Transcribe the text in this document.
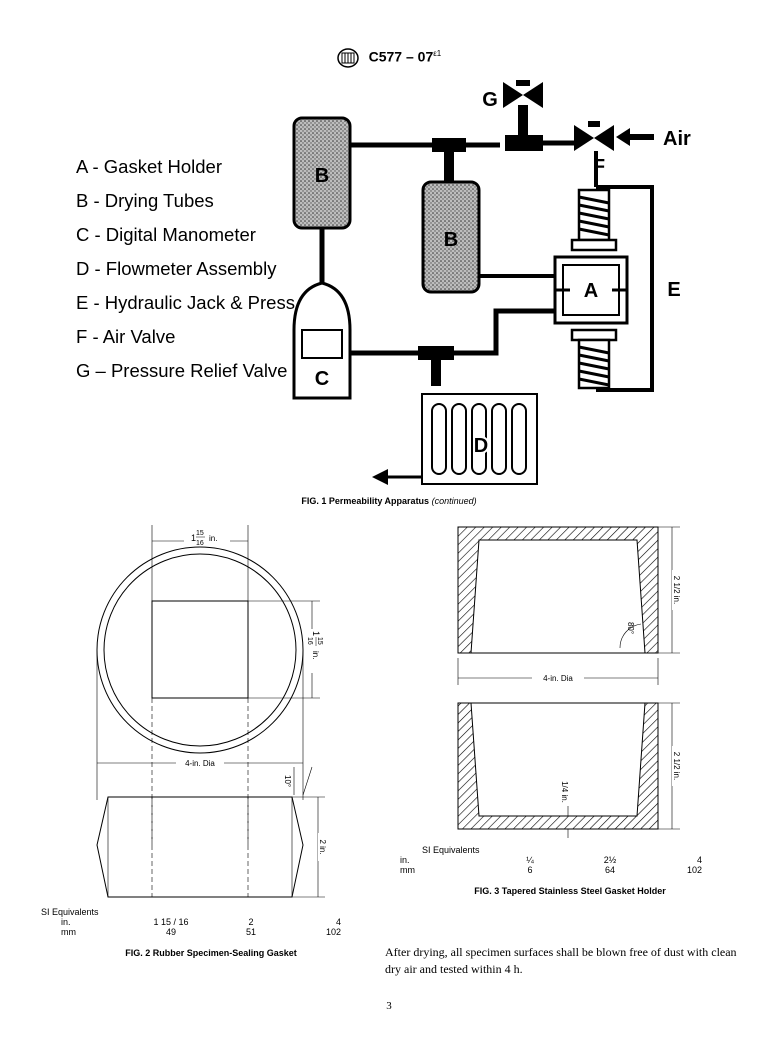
$C577 - 07^{\varepsilon 1}$
A - Gasket Holder
B - Drying Tubes
C - Digital Manometer
D - Flowmeter Assembly
E - Hydraulic Jack & Press
F - Air Valve
G – Pressure Relief Valve
B
B
G
F
Air
E
A
C
D
FIG. 1 Permeability Apparatus (continued)
1 15
16
in.
1
15
16
in.
4-in. Dia
10°
2 in.
SI Equivalents
in.	1 15 / 16	2	4
mm	49	51	102
FIG. 2 Rubber Specimen-Sealing Gasket
2 1/2 in.
80°
4-in. Dia
2 1/2 in.
1/4 in.
SI Equivalents
in.	¼	2½	4
mm	6	64	102
FIG. 3 Tapered Stainless Steel Gasket Holder
After drying, all specimen surfaces shall be blown free of dust with clean dry air and tested within 4 h.
3
